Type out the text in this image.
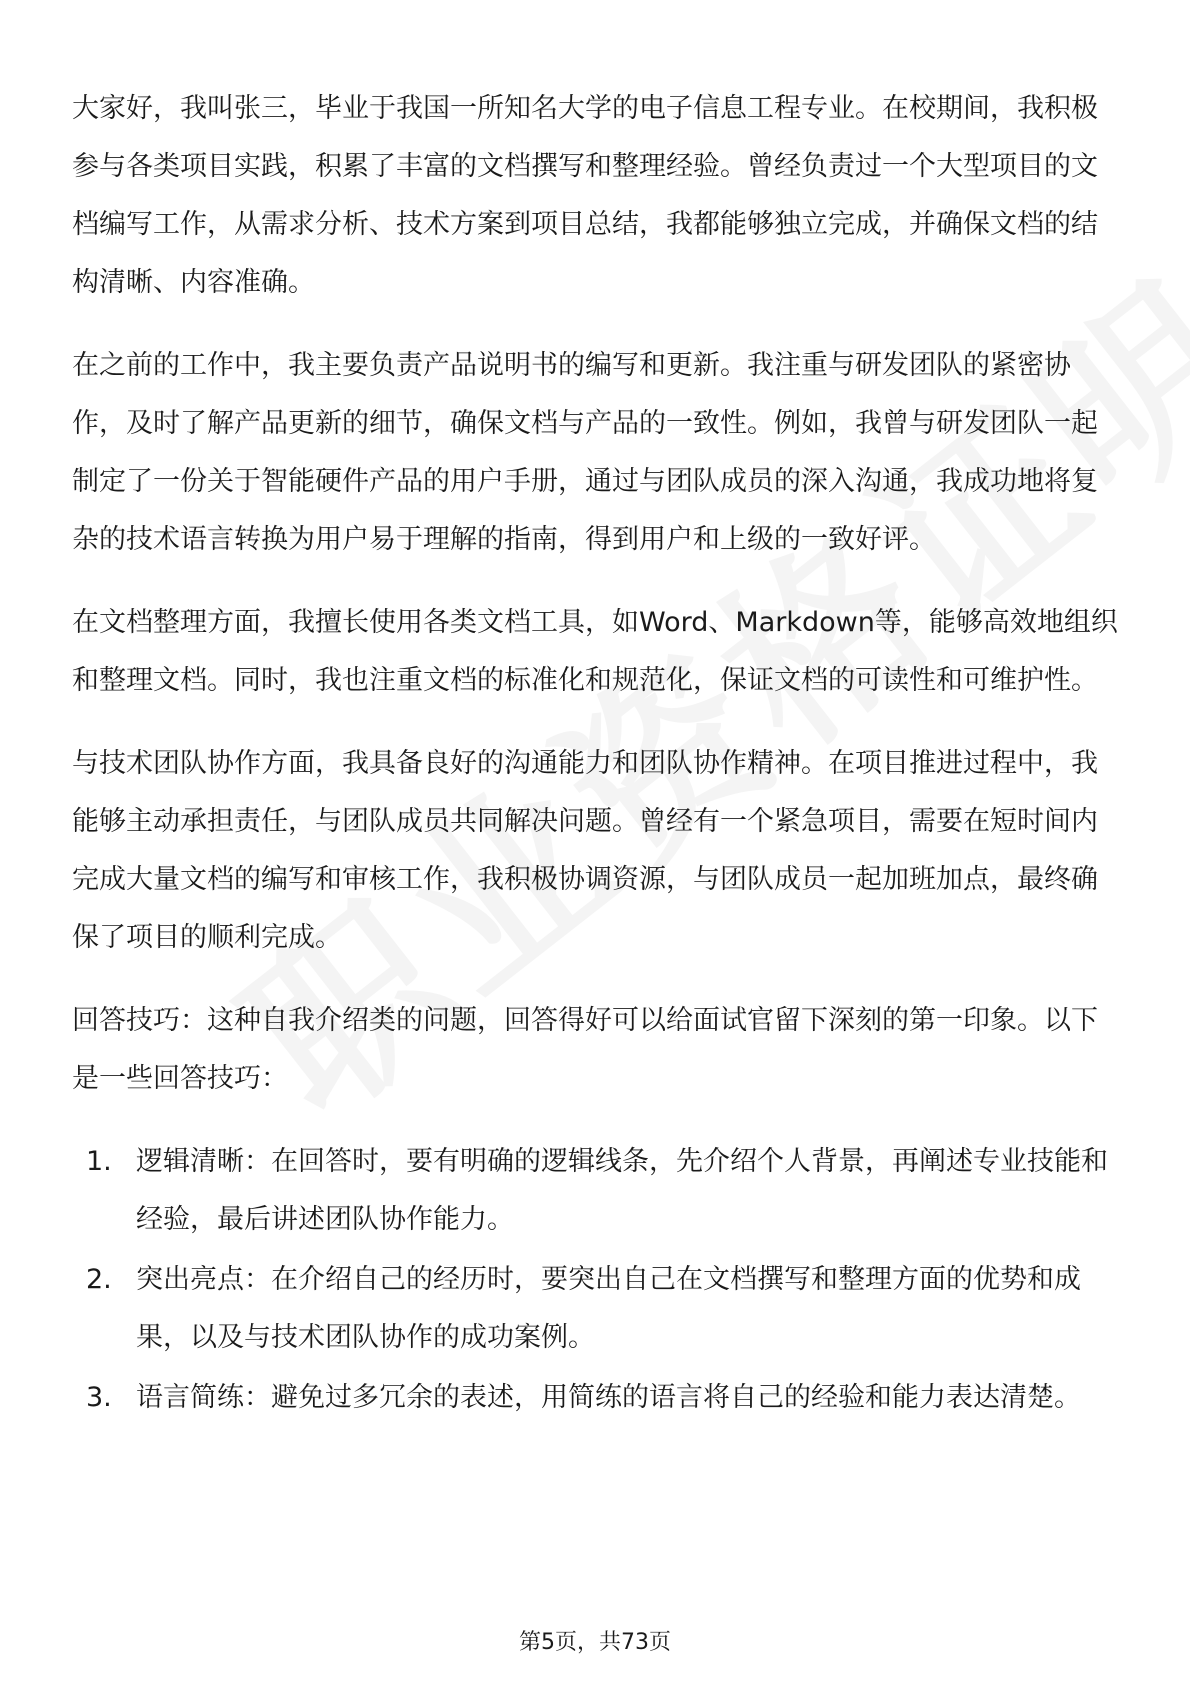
大家好，我叫张三，毕业于我国一所知名大学的电子信息工程专业。在校期间，我积极参与各类项目实践，积累了丰富的文档撰写和整理经验。曾经负责过一个大型项目的文档编写工作，从需求分析、技术方案到项目总结，我都能够独立完成，并确保文档的结构清晰、内容准确。

在之前的工作中，我主要负责产品说明书的编写和更新。我注重与研发团队的紧密协作，及时了解产品更新的细节，确保文档与产品的一致性。例如，我曾与研发团队一起制定了一份关于智能硬件产品的用户手册，通过与团队成员的深入沟通，我成功地将复杂的技术语言转换为用户易于理解的指南，得到用户和上级的一致好评。

在文档整理方面，我擅长使用各类文档工具，如Word、Markdown等，能够高效地组织和整理文档。同时，我也注重文档的标准化和规范化，保证文档的可读性和可维护性。

与技术团队协作方面，我具备良好的沟通能力和团队协作精神。在项目推进过程中，我能够主动承担责任，与团队成员共同解决问题。曾经有一个紧急项目，需要在短时间内完成大量文档的编写和审核工作，我积极协调资源，与团队成员一起加班加点，最终确保了项目的顺利完成。

回答技巧：这种自我介绍类的问题，回答得好可以给面试官留下深刻的第一印象。以下是一些回答技巧：

1. 逻辑清晰：在回答时，要有明确的逻辑线条，先介绍个人背景，再阐述专业技能和经验，最后讲述团队协作能力。
2. 突出亮点：在介绍自己的经历时，要突出自己在文档撰写和整理方面的优势和成果，以及与技术团队协作的成功案例。
3. 语言简练：避免过多冗余的表述，用简练的语言将自己的经验和能力表达清楚。
第5页，共73页
